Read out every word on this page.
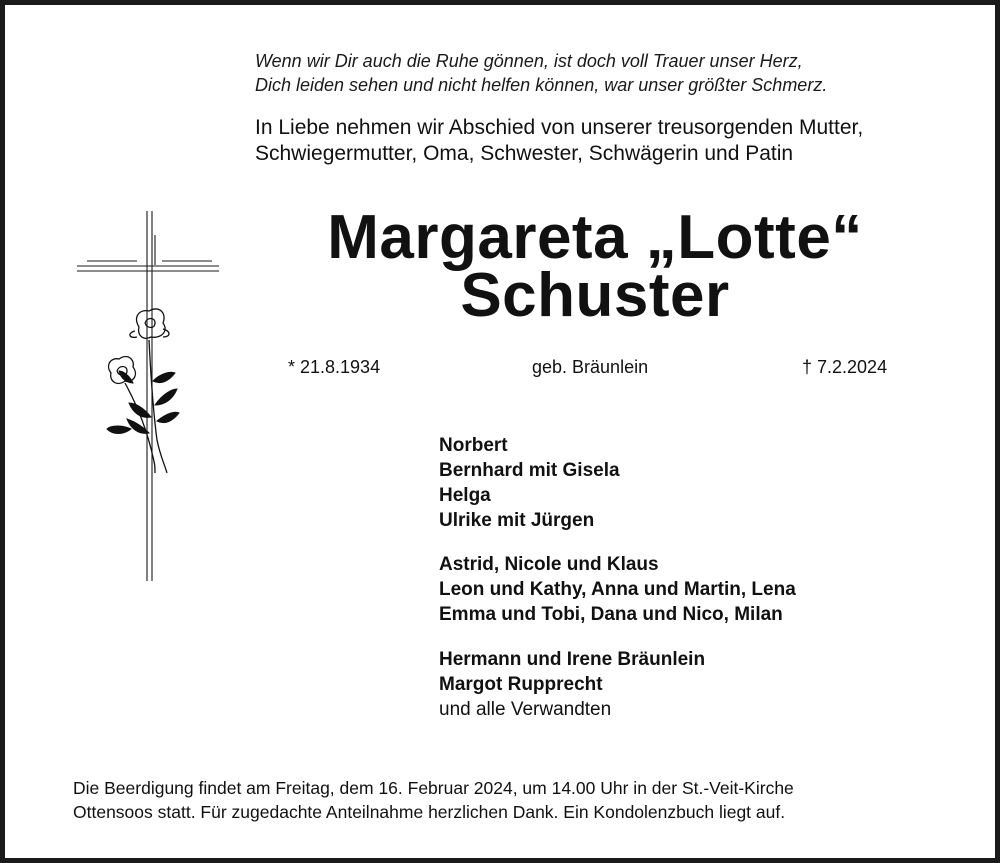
Wenn wir Dir auch die Ruhe gönnen, ist doch voll Trauer unser Herz,
Dich leiden sehen und nicht helfen können, war unser größter Schmerz.
In Liebe nehmen wir Abschied von unserer treusorgenden Mutter,
Schwiegermutter, Oma, Schwester, Schwägerin und Patin
Margareta „Lotte“
Schuster
* 21.8.1934	geb. Bräunlein	† 7.2.2024
Norbert
Bernhard mit Gisela
Helga
Ulrike mit Jürgen
Astrid, Nicole und Klaus
Leon und Kathy, Anna und Martin, Lena
Emma und Tobi, Dana und Nico, Milan
Hermann und Irene Bräunlein
Margot Rupprecht
und alle Verwandten
Die Beerdigung findet am Freitag, dem 16. Februar 2024, um 14.00 Uhr in der St.-Veit-Kirche
Ottensoos statt. Für zugedachte Anteilnahme herzlichen Dank. Ein Kondolenzbuch liegt auf.
